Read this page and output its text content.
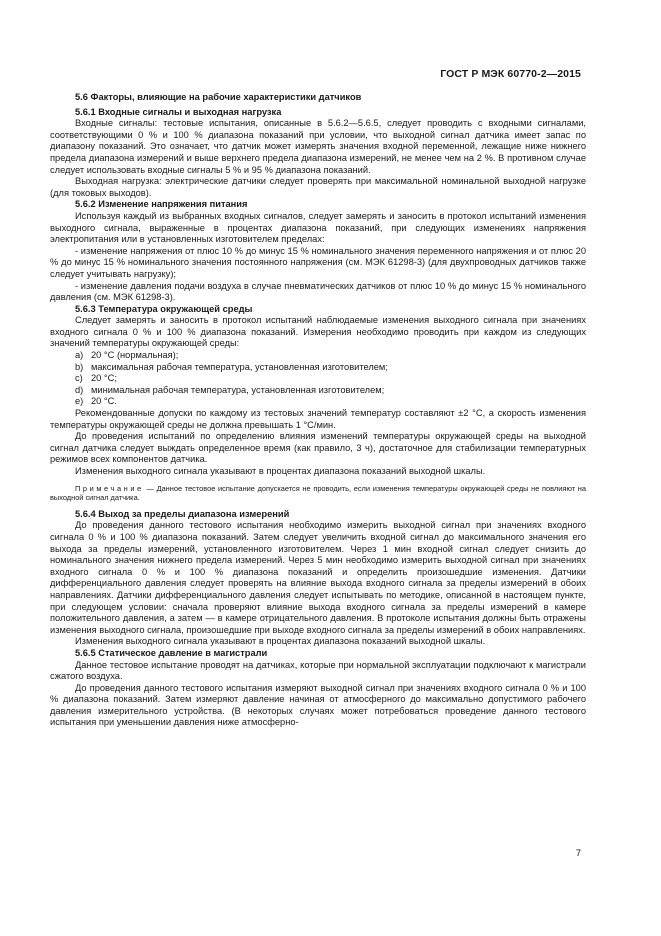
ГОСТ Р МЭК 60770-2—2015

5.6 Факторы, влияющие на рабочие характеристики датчиков

5.6.1 Входные сигналы и выходная нагрузка

Входные сигналы: тестовые испытания, описанные в 5.6.2—5.6.5, следует проводить с входными сигналами, соответствующими 0 % и 100 % диапазона показаний при условии, что выходной сигнал датчика имеет запас по диапазону показаний. Это означает, что датчик может измерять значения входной переменной, лежащие ниже нижнего предела диапазона измерений и выше верхнего предела диапазона измерений, не менее чем на 2 %. В противном случае следует использовать входные сигналы 5 % и 95 % диапазона показаний.

Выходная нагрузка: электрические датчики следует проверять при максимальной номинальной выходной нагрузке (для токовых выходов).

5.6.2 Изменение напряжения питания

Используя каждый из выбранных входных сигналов, следует замерять и заносить в протокол испытаний изменения выходного сигнала, выраженные в процентах диапазона показаний, при следующих изменениях напряжения электропитания или в установленных изготовителем пределах:

- изменение напряжения от плюс 10 % до минус 15 % номинального значения переменного напряжения и от плюс 20 % до минус 15 % номинального значения постоянного напряжения (см. МЭК 61298-3) (для двухпроводных датчиков также следует учитывать нагрузку);

- изменение давления подачи воздуха в случае пневматических датчиков от плюс 10 % до минус 15 % номинального давления (см. МЭК 61298-3).

5.6.3 Температура окружающей среды

Следует замерять и заносить в протокол испытаний наблюдаемые изменения выходного сигнала при значениях входного сигнала 0 % и 100 % диапазона показаний. Измерения необходимо проводить при каждом из следующих значений температуры окружающей среды:

a) 20 °C (нормальная);

b) максимальная рабочая температура, установленная изготовителем;

c) 20 °C;

d) минимальная рабочая температура, установленная изготовителем;

e) 20 °C.

Рекомендованные допуски по каждому из тестовых значений температур составляют ±2 °С, а скорость изменения температуры окружающей среды не должна превышать 1 °С/мин.

До проведения испытаний по определению влияния изменений температуры окружающей среды на выходной сигнал датчика следует выждать определенное время (как правило, 3 ч), достаточное для стабилизации температурных режимов всех компонентов датчика.

Изменения выходного сигнала указывают в процентах диапазона показаний выходной шкалы.

Примечание — Данное тестовое испытание допускается не проводить, если изменения температуры окружающей среды не повлияют на выходной сигнал датчика.

5.6.4 Выход за пределы диапазона измерений

До проведения данного тестового испытания необходимо измерить выходной сигнал при значениях входного сигнала 0 % и 100 % диапазона показаний. Затем следует увеличить входной сигнал до максимального значения его выхода за пределы измерений, установленного изготовителем. Через 1 мин входной сигнал следует снизить до номинального значения нижнего предела измерений. Через 5 мин необходимо измерить выходной сигнал при значениях входного сигнала 0 % и 100 % диапазона показаний и определить произошедшие изменения. Датчики дифференциального давления следует проверять на влияние выхода входного сигнала за пределы измерений в обоих направлениях. Датчики дифференциального давления следует испытывать по методике, описанной в настоящем пункте, при следующем условии: сначала проверяют влияние выхода входного сигнала за пределы измерений в камере положительного давления, а затем — в камере отрицательного давления. В протоколе испытания должны быть отражены изменения выходного сигнала, произошедшие при выходе входного сигнала за пределы измерений в обоих направлениях.

Изменения выходного сигнала указывают в процентах диапазона показаний выходной шкалы.

5.6.5 Статическое давление в магистрали

Данное тестовое испытание проводят на датчиках, которые при нормальной эксплуатации подключают к магистрали сжатого воздуха.

До проведения данного тестового испытания измеряют выходной сигнал при значениях входного сигнала 0 % и 100 % диапазона показаний. Затем измеряют давление начиная от атмосферного до максимально допустимого рабочего давления измерительного устройства. (В некоторых случаях может потребоваться проведение данного тестового испытания при уменьшении давления ниже атмосферно-

7
